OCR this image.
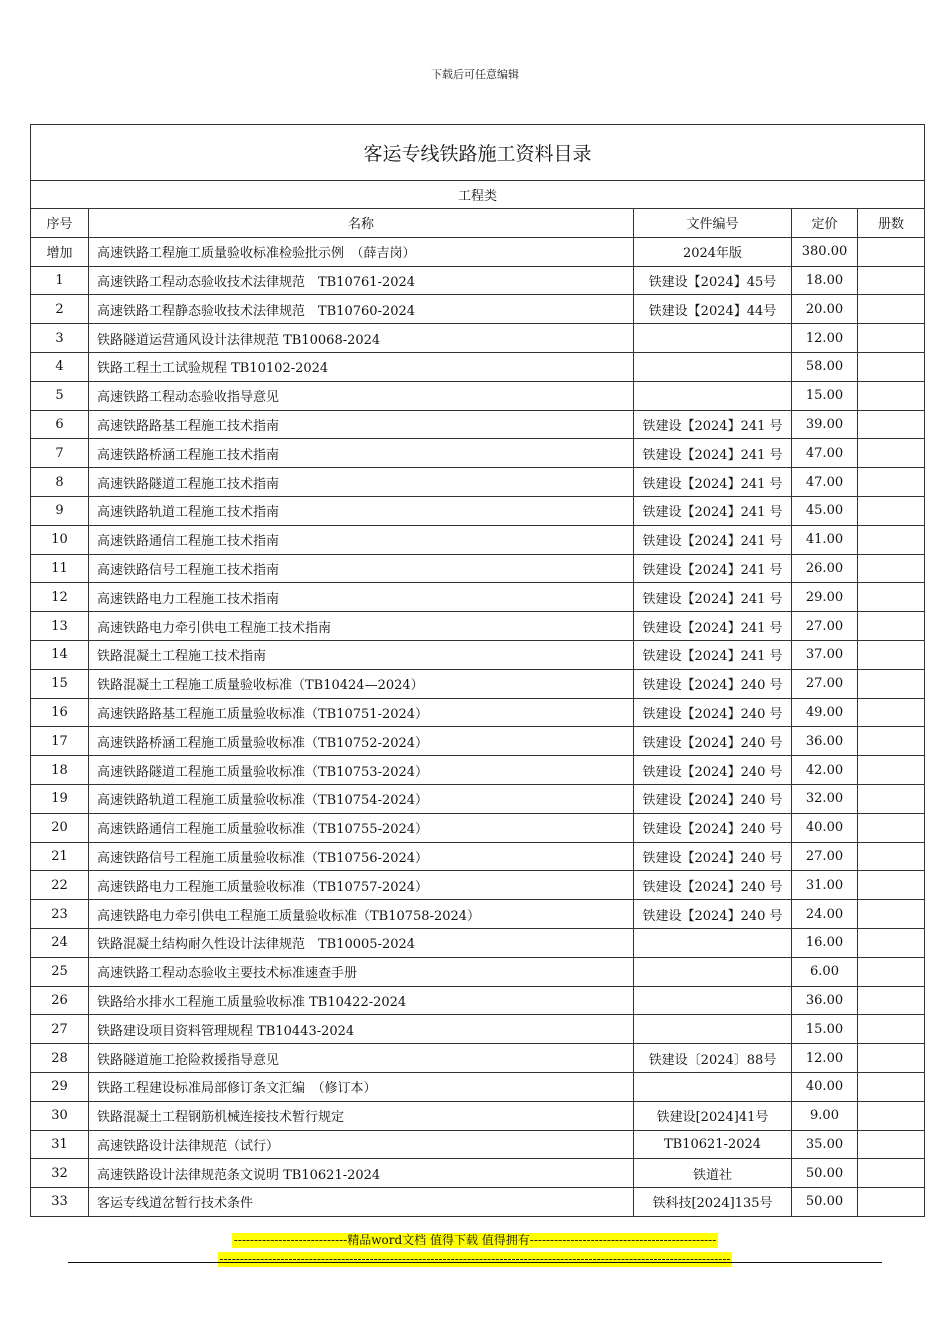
下载后可任意编辑
客运专线铁路施工资料目录				
工程类				
序号	名称	文件编号	定价	册数
增加	高速铁路工程施工质量验收标准检验批示例　（薛吉岗）	2024年版	380.00	
1	高速铁路工程动态验收技术法律规范　TB10761-2024	铁建设【2024】45号	18.00	
2	高速铁路工程静态验收技术法律规范　TB10760-2024	铁建设【2024】44号	20.00	
3	铁路隧道运营通风设计法律规范 TB10068-2024		12.00	
4	铁路工程土工试验规程 TB10102-2024		58.00	
5	高速铁路工程动态验收指导意见		15.00	
6	高速铁路路基工程施工技术指南	铁建设【2024】241 号	39.00	
7	高速铁路桥涵工程施工技术指南	铁建设【2024】241 号	47.00	
8	高速铁路隧道工程施工技术指南	铁建设【2024】241 号	47.00	
9	高速铁路轨道工程施工技术指南	铁建设【2024】241 号	45.00	
10	高速铁路通信工程施工技术指南	铁建设【2024】241 号	41.00	
11	高速铁路信号工程施工技术指南	铁建设【2024】241 号	26.00	
12	高速铁路电力工程施工技术指南	铁建设【2024】241 号	29.00	
13	高速铁路电力牵引供电工程施工技术指南	铁建设【2024】241 号	27.00	
14	铁路混凝土工程施工技术指南	铁建设【2024】241 号	37.00	
15	铁路混凝土工程施工质量验收标准（TB10424—2024）	铁建设【2024】240 号	27.00	
16	高速铁路路基工程施工质量验收标准（TB10751-2024）	铁建设【2024】240 号	49.00	
17	高速铁路桥涵工程施工质量验收标准（TB10752-2024）	铁建设【2024】240 号	36.00	
18	高速铁路隧道工程施工质量验收标准（TB10753-2024）	铁建设【2024】240 号	42.00	
19	高速铁路轨道工程施工质量验收标准（TB10754-2024）	铁建设【2024】240 号	32.00	
20	高速铁路通信工程施工质量验收标准（TB10755-2024）	铁建设【2024】240 号	40.00	
21	高速铁路信号工程施工质量验收标准（TB10756-2024）	铁建设【2024】240 号	27.00	
22	高速铁路电力工程施工质量验收标准（TB10757-2024）	铁建设【2024】240 号	31.00	
23	高速铁路电力牵引供电工程施工质量验收标准（TB10758-2024）	铁建设【2024】240 号	24.00	
24	铁路混凝土结构耐久性设计法律规范　TB10005-2024		16.00	
25	高速铁路工程动态验收主要技术标准速查手册		6.00	
26	铁路给水排水工程施工质量验收标准 TB10422-2024		36.00	
27	铁路建设项目资料管理规程 TB10443-2024		15.00	
28	铁路隧道施工抢险救援指导意见	铁建设〔2024〕88号	12.00	
29	铁路工程建设标准局部修订条文汇编　（修订本）		40.00	
30	铁路混凝土工程钢筋机械连接技术暂行规定	铁建设[2024]41号	9.00	
31	高速铁路设计法律规范（试行）	TB10621-2024	35.00	
32	高速铁路设计法律规范条文说明 TB10621-2024	铁道社	50.00	
33	客运专线道岔暂行技术条件	铁科技[2024]135号	50.00	
----------------------------精品word文档 值得下载 值得拥有----------------------------------------------
------------------------------------------------------------------------------------------------------------------------------
